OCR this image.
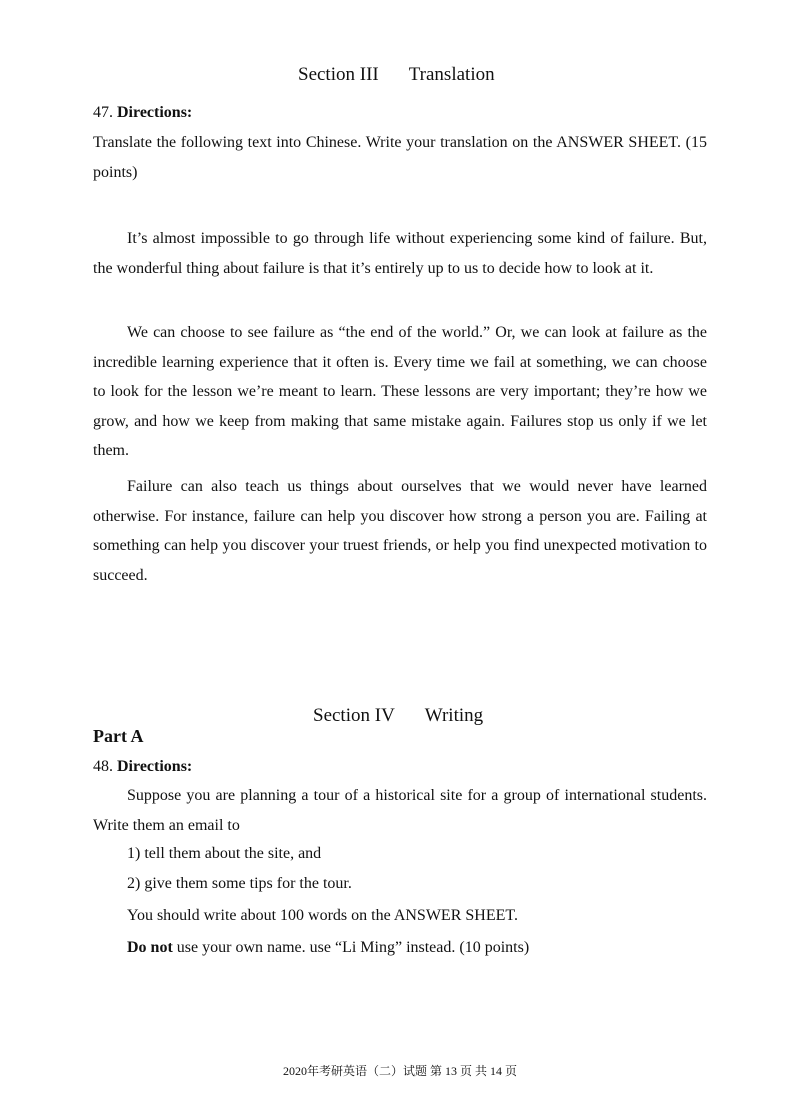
Section III Translation
47. Directions:
Translate the following text into Chinese. Write your translation on the ANSWER SHEET. (15 points)
It’s almost impossible to go through life without experiencing some kind of failure. But, the wonderful thing about failure is that it’s entirely up to us to decide how to look at it.
We can choose to see failure as “the end of the world.” Or, we can look at failure as the incredible learning experience that it often is. Every time we fail at something, we can choose to look for the lesson we’re meant to learn. These lessons are very important; they’re how we grow, and how we keep from making that same mistake again. Failures stop us only if we let them.
Failure can also teach us things about ourselves that we would never have learned otherwise. For instance, failure can help you discover how strong a person you are. Failing at something can help you discover your truest friends, or help you find unexpected motivation to succeed.
Section IV Writing
Part A
48. Directions:
Suppose you are planning a tour of a historical site for a group of international students. Write them an email to
1) tell them about the site, and
2) give them some tips for the tour.
You should write about 100 words on the ANSWER SHEET.
Do not use your own name. use “Li Ming” instead. (10 points)
2020年考研英语（二）试题 第 13 页 共 14 页
